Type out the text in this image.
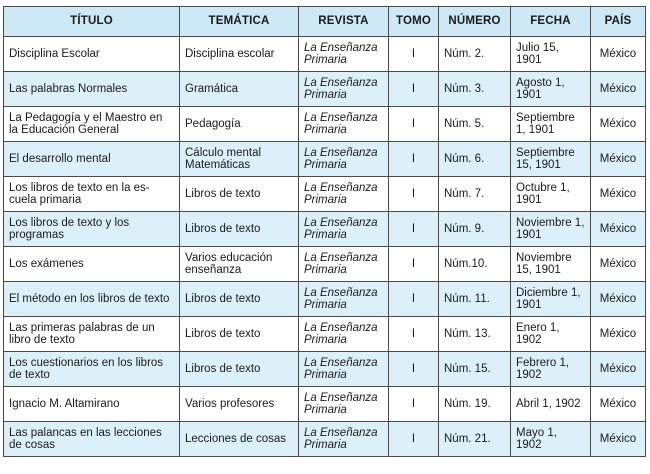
TÍTULO	TEMÁTICA	REVISTA	TOMO	NÚMERO	FECHA	PAÍS
Disciplina Escolar	Disciplina escolar	La Enseñanza Primaria	I	Núm. 2.	Julio 15, 1901	México
Las palabras Normales	Gramática	La Enseñanza Primaria	I	Núm. 3.	Agosto 1, 1901	México
La Pedagogía y el Maestro en la Educación General	Pedagogía	La Enseñanza Primaria	I	Núm. 5.	Septiembre 1, 1901	México
El desarrollo mental	Cálculo mental Matemáticas	La Enseñanza Primaria	I	Núm. 6.	Septiembre 15, 1901	México
Los libros de texto en la es-cuela primaria	Libros de texto	La Enseñanza Primaria	I	Núm. 7.	Octubre 1, 1901	México
Los libros de texto y los programas	Libros de texto	La Enseñanza Primaria	I	Núm. 9.	Noviembre 1, 1901	México
Los exámenes	Varios educación enseñanza	La Enseñanza Primaria	I	Núm.10.	Noviembre 15, 1901	México
El método en los libros de texto	Libros de texto	La Enseñanza Primaria	I	Núm. 11.	Diciembre 1, 1901	México
Las primeras palabras de un libro de texto	Libros de texto	La Enseñanza Primaria	I	Núm. 13.	Enero 1, 1902	México
Los cuestionarios en los libros de texto	Libros de texto	La Enseñanza Primaria	I	Núm. 15.	Febrero 1, 1902	México
Ignacio M. Altamirano	Varios profesores	La Enseñanza Primaria	I	Núm. 19.	Abril 1, 1902	México
Las palancas en las lecciones de cosas	Lecciones de cosas	La Enseñanza Primaria	I	Núm. 21.	Mayo 1, 1902	México
